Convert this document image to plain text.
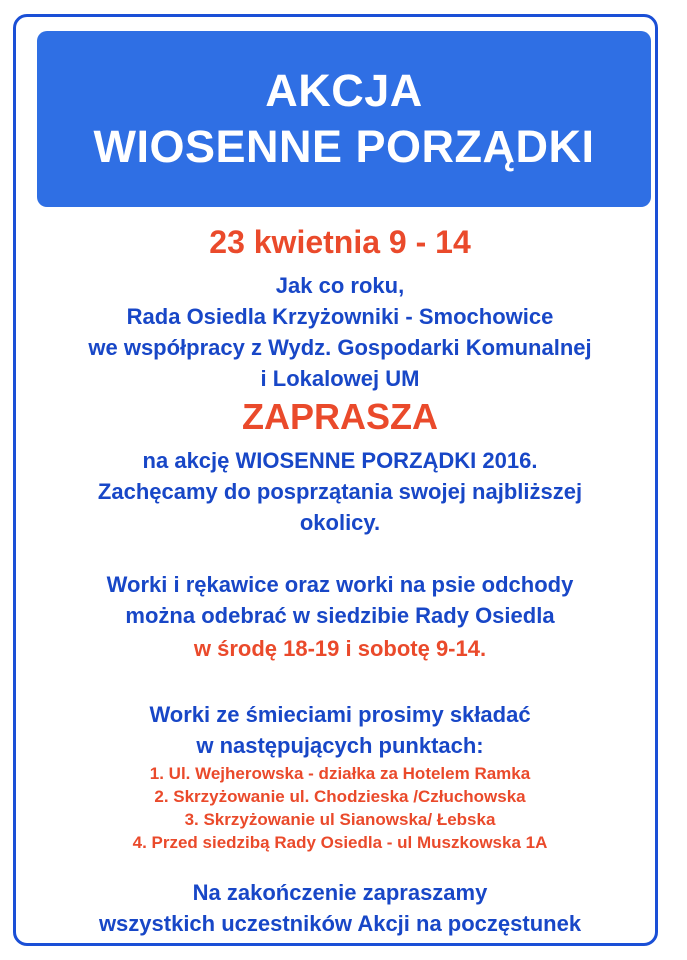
AKCJA
WIOSENNE PORZĄDKI
23 kwietnia 9 - 14
Jak co roku,
Rada Osiedla Krzyżowniki - Smochowice
we współpracy z Wydz. Gospodarki Komunalnej
i Lokalowej UM
ZAPRASZA
na akcję WIOSENNE PORZĄDKI 2016.
Zachęcamy do posprzątania swojej najbliższej
okolicy.
Worki i rękawice oraz worki na psie odchody
można odebrać w siedzibie Rady Osiedla
w środę 18-19 i sobotę 9-14.
Worki ze śmieciami prosimy składać
w następujących punktach:
1. Ul. Wejherowska - działka za Hotelem Ramka
2. Skrzyżowanie ul. Chodzieska /Człuchowska
3. Skrzyżowanie ul Sianowska/ Łebska
4. Przed siedzibą Rady Osiedla - ul Muszkowska 1A
Na zakończenie zapraszamy
wszystkich uczestników Akcji na poczęstunek
